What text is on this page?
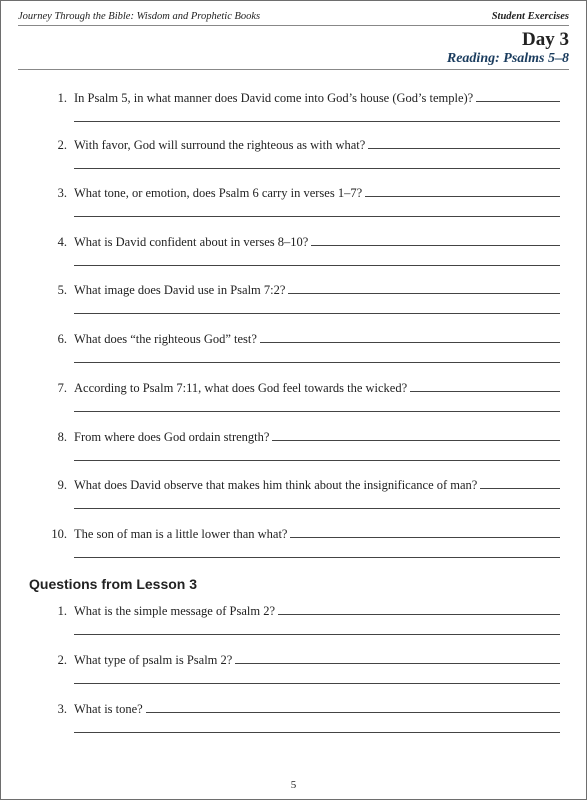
Journey Through the Bible: Wisdom and Prophetic Books	Student Exercises
Day 3
Reading: Psalms 5–8
1. In Psalm 5, in what manner does David come into God’s house (God’s temple)?
2. With favor, God will surround the righteous as with what?
3. What tone, or emotion, does Psalm 6 carry in verses 1–7?
4. What is David confident about in verses 8–10?
5. What image does David use in Psalm 7:2?
6. What does “the righteous God” test?
7. According to Psalm 7:11, what does God feel towards the wicked?
8. From where does God ordain strength?
9. What does David observe that makes him think about the insignificance of man?
10. The son of man is a little lower than what?
Questions from Lesson 3
1. What is the simple message of Psalm 2?
2. What type of psalm is Psalm 2?
3. What is tone?
5
